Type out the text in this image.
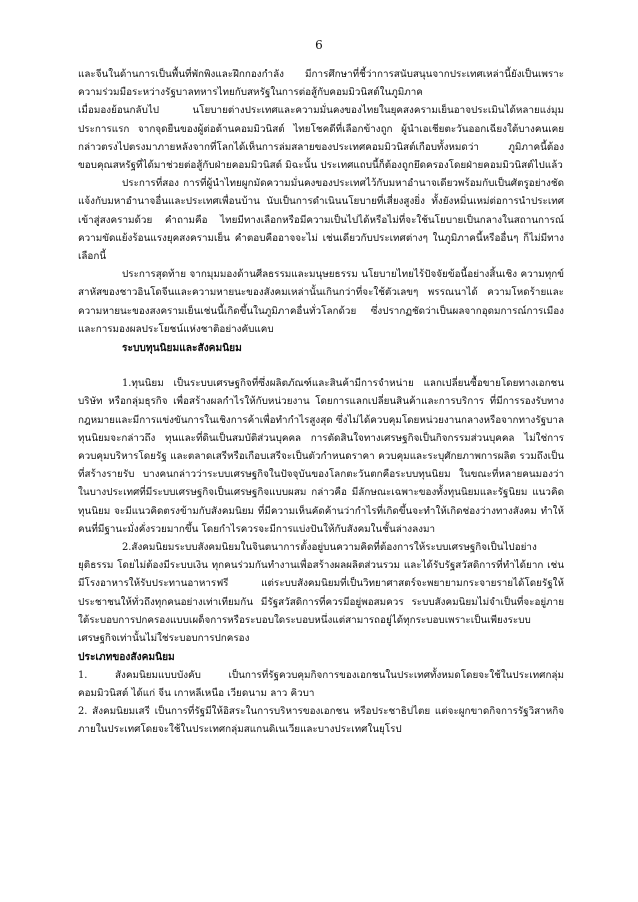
6

และจีนในด้านการเป็นพื้นที่พักพิงและฝึกกองกำลัง มีการศึกษาที่ชี้ว่าการสนับสนุนจากประเทศเหล่านี้ยังเป็นเพราะความร่วมมือระหว่างรัฐบาลทหารไทยกับสหรัฐในการต่อสู้กับคอมมิวนิสต์ในภูมิภาค

เมื่อมองย้อนกลับไป นโยบายต่างประเทศและความมั่นคงของไทยในยุคสงครามเย็นอาจประเมินได้หลายแง่มุม ประการแรก จากจุดยืนของผู้ต่อต้านคอมมิวนิสต์ ไทยโชคดีที่เลือกข้างถูก ผู้นำเอเชียตะวันออกเฉียงใต้บางคนเคยกล่าวตรงไปตรงมาภายหลังจากที่โลกได้เห็นการล่มสลายของประเทศคอมมิวนิสต์เกือบทั้งหมดว่า ภูมิภาคนี้ต้องขอบคุณสหรัฐที่ได้มาช่วยต่อสู้กับฝ่ายคอมมิวนิสต์ มิฉะนั้น ประเทศแถบนี้ก็ต้องถูกยึดครองโดยฝ่ายคอมมิวนิสต์ไปแล้ว

ประการที่สอง การที่ผู้นำไทยผูกมัดความมั่นคงของประเทศไว้กับมหาอำนาจเดียวพร้อมกับเป็นศัตรูอย่างชัดแจ้งกับมหาอำนาจอื่นและประเทศเพื่อนบ้าน นับเป็นการดำเนินนโยบายที่เสี่ยงสูงยิ่ง ทั้งยังหมิ่นเหม่ต่อการนำประเทศเข้าสู่สงครามด้วย คำถามคือ ไทยมีทางเลือกหรือมีความเป็นไปได้หรือไม่ที่จะใช้นโยบายเป็นกลางในสถานการณ์ความขัดแย้งร้อนแรงยุคสงครามเย็น คำตอบคืออาจจะไม่ เช่นเดียวกับประเทศต่างๆ ในภูมิภาคนี้หรืออื่นๆ ก็ไม่มีทางเลือกนี้

ประการสุดท้าย จากมุมมองด้านศีลธรรมและมนุษยธรรม นโยบายไทยไร้ปัจจัยข้อนี้อย่างสิ้นเชิง ความทุกข์สาหัสของชาวอินโดจีนและความหายนะของสังคมเหล่านั้นเกินกว่าที่จะใช้ตัวเลขๆ พรรณนาได้ ความโหดร้ายและความหายนะของสงครามเย็นเช่นนี้เกิดขึ้นในภูมิภาคอื่นทั่วโลกด้วย ซึ่งปรากฏชัดว่าเป็นผลจากอุดมการณ์การเมืองและการมองผลประโยชน์แห่งชาติอย่างคับแคบ

ระบบทุนนิยมและสังคมนิยม

1.ทุนนิยม เป็นระบบเศรษฐกิจที่ซึ่งผลิตภัณฑ์และสินค้ามีการจำหน่าย แลกเปลี่ยนซื้อขายโดยทางเอกชน บริษัท หรือกลุ่มธุรกิจ เพื่อสร้างผลกำไรให้กับหน่วยงาน โดยการแลกเปลี่ยนสินค้าและการบริการ ที่มีการรองรับทางกฎหมายและมีการแข่งขันการในเชิงการค้าเพื่อทำกำไรสูงสุด ซึ่งไม่ได้ควบคุมโดยหน่วยงานกลางหรือจากทางรัฐบาล ทุนนิยมจะกล่าวถึง ทุนและที่ดินเป็นสมบัติส่วนบุคคล การตัดสินใจทางเศรษฐกิจเป็นกิจกรรมส่วนบุคคล ไม่ใช่การควบคุมบริหารโดยรัฐ และตลาดเสรีหรือเกือบเสรีจะเป็นตัวกำหนดราคา ควบคุมและระบุศักยภาพการผลิต รวมถึงเป็นที่สร้างรายรับ บางคนกล่าวว่าระบบเศรษฐกิจในปัจจุบันของโลกตะวันตกคือระบบทุนนิยม ในขณะที่หลายคนมองว่าในบางประเทศที่มีระบบเศรษฐกิจเป็นเศรษฐกิจแบบผสม กล่าวคือ มีลักษณะเฉพาะของทั้งทุนนิยมและรัฐนิยม แนวคิดทุนนิยม จะมีแนวคิดตรงข้ามกับสังคมนิยม ที่มีความเห็นคัดค้านว่ากำไรที่เกิดขึ้นจะทำให้เกิดช่องว่างทางสังคม ทำให้คนที่มีฐานะมั่งคั่งรวยมากขึ้น โดยกำไรควรจะมีการแบ่งปันให้กับสังคมในชั้นล่างลงมา

2.สังคมนิยมระบบสังคมนิยมในจินตนาการตั้งอยู่บนความคิดที่ต้องการให้ระบบเศรษฐกิจเป็นไปอย่างยุติธรรม โดยไม่ต้องมีระบบเงิน ทุกคนร่วมกันทำงานเพื่อสร้างผลผลิตส่วนรวม และได้รับรัฐสวัสดิการที่ทำได้ยาก เช่น มีโรงอาหารให้รับประทานอาหารฟรี แต่ระบบสังคมนิยมที่เป็นวิทยาศาสตร์จะพยายามกระจายรายได้โดยรัฐให้ประชาชนให้ทั่วถึงทุกคนอย่างเท่าเทียมกัน มีรัฐสวัสดิการที่ควรมีอยู่พอสมควร ระบบสังคมนิยมไม่จำเป็นที่จะอยู่ภายใต้ระบอบการปกครองแบบเผด็จการหรือระบอบใดระบอบหนึ่งแต่สามารถอยู่ได้ทุกระบอบเพราะเป็นเพียงระบบเศรษฐกิจเท่านั้นไม่ใช่ระบอบการปกครอง

ประเภทของสังคมนิยม

1. สังคมนิยมแบบบังคับ เป็นการที่รัฐควบคุมกิจการของเอกชนในประเทศทั้งหมดโดยจะใช้ในประเทศกลุ่มคอมมิวนิสต์ ได้แก่ จีน เกาหลีเหนือ เวียดนาม ลาว คิวบา

2. สังคมนิยมเสรี เป็นการที่รัฐมีให้อิสระในการบริหารของเอกชน หรือประชาธิปไตย แต่จะผูกขาดกิจการรัฐวิสาหกิจภายในประเทศโดยจะใช้ในประเทศกลุ่มสแกนดิเนเวียและบางประเทศในยุโรป
